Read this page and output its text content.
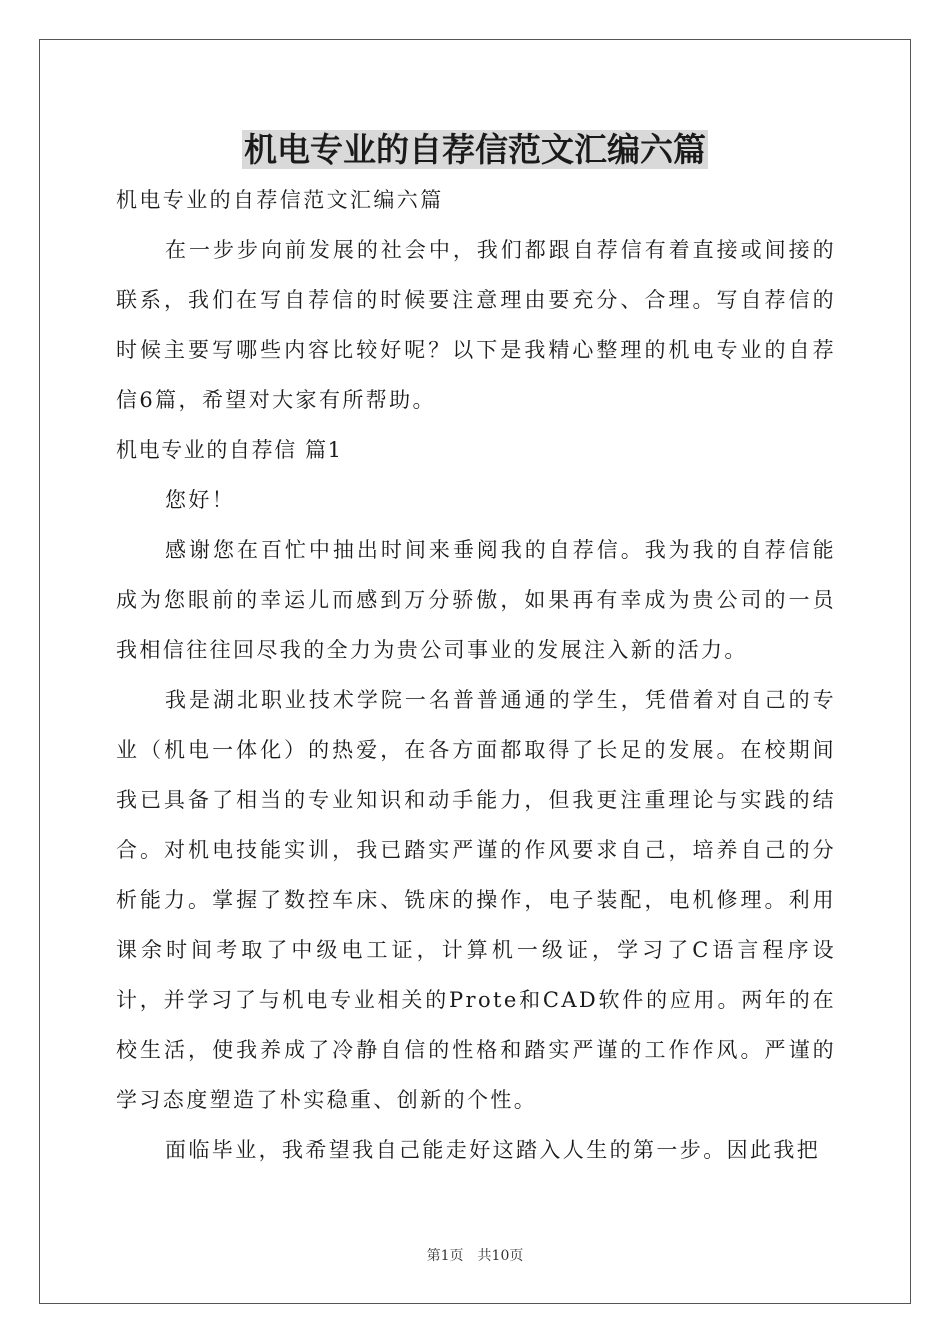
机电专业的自荐信范文汇编六篇

机电专业的自荐信范文汇编六篇

在一步步向前发展的社会中，我们都跟自荐信有着直接或间接的联系，我们在写自荐信的时候要注意理由要充分、合理。写自荐信的时候主要写哪些内容比较好呢？以下是我精心整理的机电专业的自荐信6篇，希望对大家有所帮助。

机电专业的自荐信 篇1

您好！

感谢您在百忙中抽出时间来垂阅我的自荐信。我为我的自荐信能成为您眼前的幸运儿而感到万分骄傲，如果再有幸成为贵公司的一员我相信往往回尽我的全力为贵公司事业的发展注入新的活力。

我是湖北职业技术学院一名普普通通的学生，凭借着对自己的专业（机电一体化）的热爱，在各方面都取得了长足的发展。在校期间我已具备了相当的专业知识和动手能力，但我更注重理论与实践的结合。对机电技能实训，我已踏实严谨的作风要求自己，培养自己的分析能力。掌握了数控车床、铣床的操作，电子装配，电机修理。利用课余时间考取了中级电工证，计算机一级证，学习了C语言程序设计，并学习了与机电专业相关的Prote和CAD软件的应用。两年的在校生活，使我养成了冷静自信的性格和踏实严谨的工作作风。严谨的学习态度塑造了朴实稳重、创新的个性。

面临毕业，我希望我自己能走好这踏入人生的第一步。因此我把

第1页　共10页
